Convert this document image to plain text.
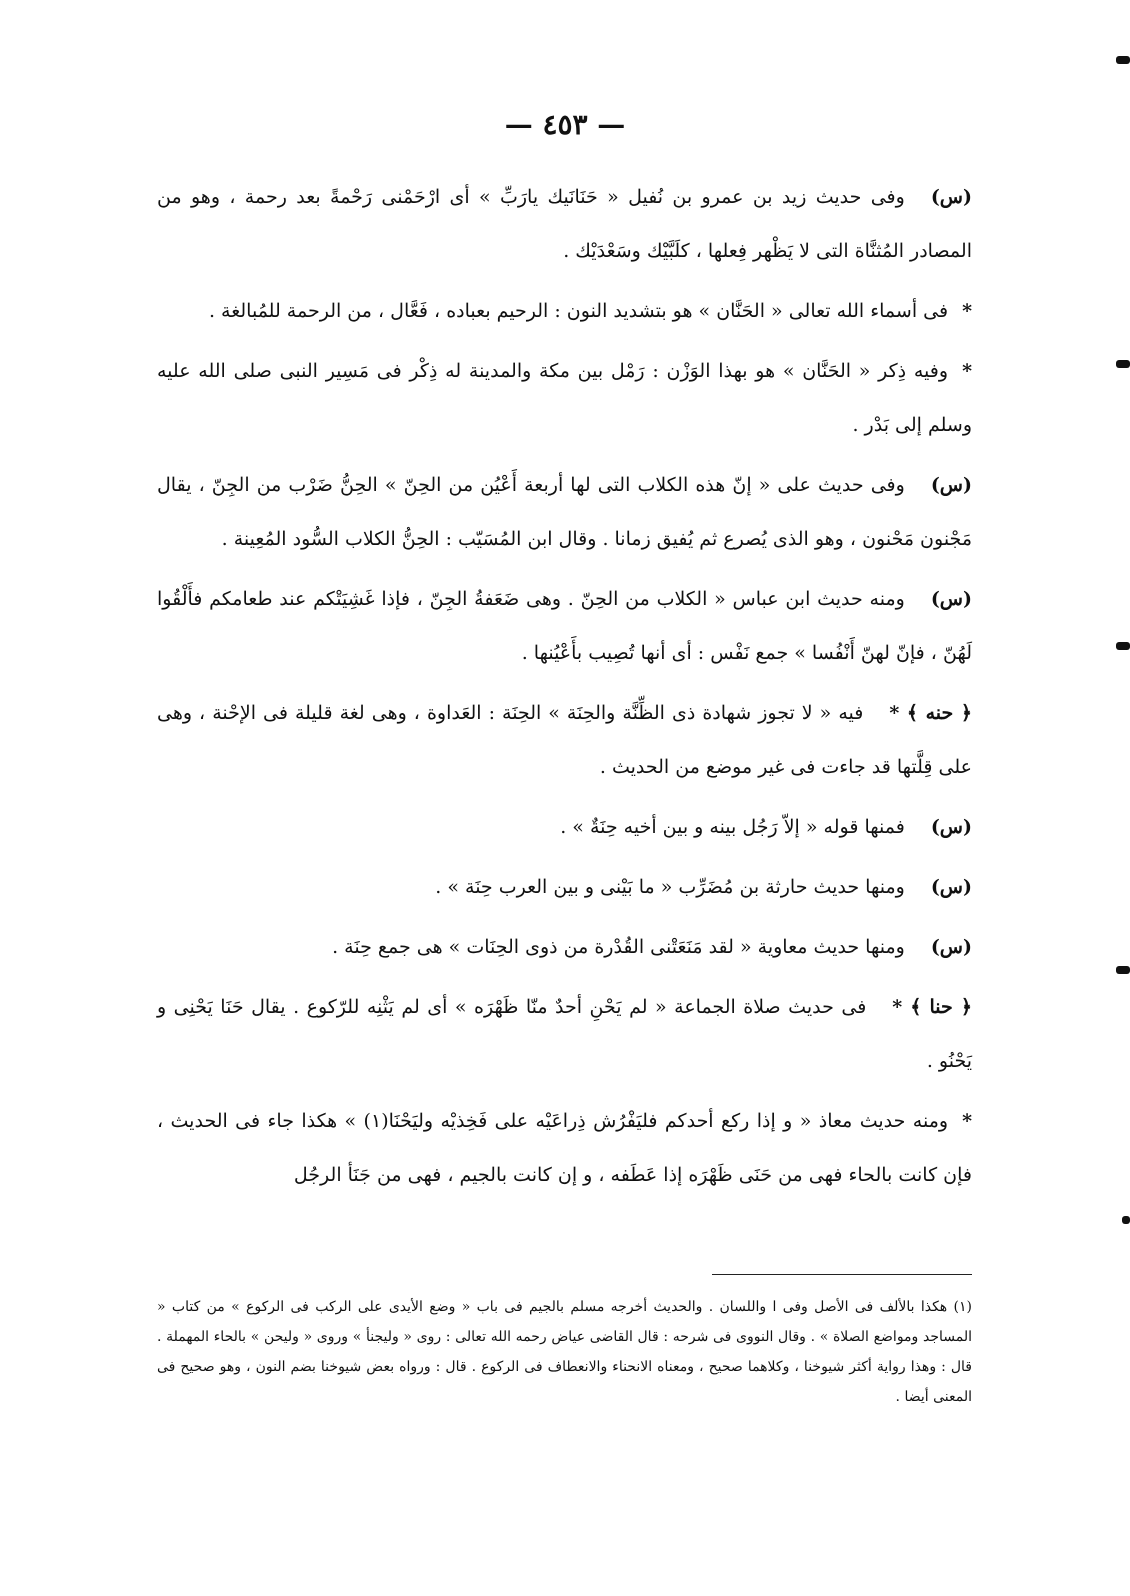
— ٤٥٣ —

(س)وفى حديث زيد بن عمرو بن نُفيل « حَنَانَيك يارَبِّ » أى ارْحَمْنى رَحْمةً بعد رحمة ، وهو من المصادر المُثنَّاة التى لا يَظْهر فِعلها ، كلَبَّيْك وسَعْدَيْك .

*فى أسماء الله تعالى « الحَنَّان » هو بتشديد النون : الرحيم بعباده ، فَعَّال ، من الرحمة للمُبالغة .

*وفيه ذِكر « الحَنَّان » هو بهذا الوَزْن : رَمْل بين مكة والمدينة له ذِكْر فى مَسِير النبى صلى الله عليه وسلم إلى بَدْر .

(س)وفى حديث على « إنّ هذه الكلاب التى لها أربعة أَعْيُن من الحِنّ » الحِنُّ ضَرْب من الجِنّ ، يقال مَجْنون مَحْنون ، وهو الذى يُصرع ثم يُفيق زمانا . وقال ابن المُسَيّب : الحِنُّ الكلاب السُّود المُعِينة .

(س)ومنه حديث ابن عباس « الكلاب من الحِنّ . وهى ضَعَفةُ الجِنّ ، فإذا غَشِيَتْكم عند طعامكم فأَلْقُوا لَهُنّ ، فإنّ لهنّ أَنْفُسا » جمع نَفْس : أى أنها تُصِيب بأَعْيُنها .

﴿ حنه ﴾ *فيه « لا تجوز شهادة ذى الظِّنَّة والحِنَة » الحِنَة : العَداوة ، وهى لغة قليلة فى الإحْنة ، وهى على قِلَّتها قد جاءت فى غير موضع من الحديث .

(س)فمنها قوله « إلاّ رَجُل بينه و بين أخيه حِنَةٌ » .

(س)ومنها حديث حارثة بن مُضَرِّب « ما بَيْنى و بين العرب حِنَة » .

(س)ومنها حديث معاوية « لقد مَنَعَتْنى القُدْرة من ذوى الحِنَات » هى جمع حِنَة .

﴿ حنا ﴾ *فى حديث صلاة الجماعة « لم يَحْنِ أحدٌ منّا ظَهْرَه » أى لم يَثْنِه للرّكوع . يقال حَنَا يَحْنِى و يَحْنُو .

*ومنه حديث معاذ « و إذا ركع أحدكم فليَفْرُش ذِراعَيْه على فَخِذيْه وليَحْنَا(١) » هكذا جاء فى الحديث ، فإن كانت بالحاء فهى من حَنَى ظَهْرَه إذا عَطَفه ، و إن كانت بالجيم ، فهى من جَنَأ الرجُل

(١) هكذا بالألف فى الأصل وفى ا واللسان . والحديث أخرجه مسلم بالجيم فى باب « وضع الأيدى على الركب فى الركوع » من كتاب « المساجد ومواضع الصلاة » . وقال النووى فى شرحه : قال القاضى عياض رحمه الله تعالى : روى « وليجنأ » وروى « وليحن » بالحاء المهملة . قال : وهذا رواية أكثر شيوخنا ، وكلاهما صحيح ، ومعناه الانحناء والانعطاف فى الركوع . قال : ورواه بعض شيوخنا بضم النون ، وهو صحيح فى المعنى أيضا .
